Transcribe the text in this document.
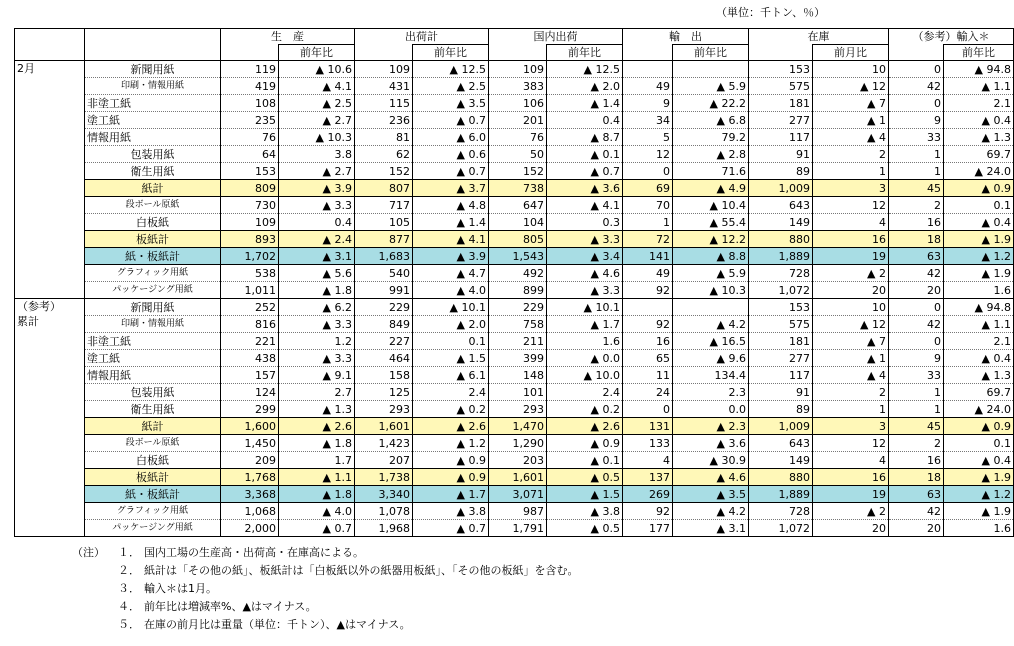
（単位：千トン、％）
		生　産		出荷計		国内出荷		輸　出		在庫		（参考）輸入＊	
			前年比		前年比		前年比		前年比		前月比		前年比

2月	新聞用紙	119	▲ 10.6	109	▲ 12.5	109	▲ 12.5			153	10	0	▲ 94.8
	印刷・情報用紙	419	▲ 4.1	431	▲ 2.5	383	▲ 2.0	49	▲ 5.9	575	▲ 12	42	▲ 1.1
	非塗工紙	108	▲ 2.5	115	▲ 3.5	106	▲ 1.4	9	▲ 22.2	181	▲ 7	0	2.1
	塗工紙	235	▲ 2.7	236	▲ 0.7	201	0.4	34	▲ 6.8	277	▲ 1	9	▲ 0.4
	情報用紙	76	▲ 10.3	81	▲ 6.0	76	▲ 8.7	5	79.2	117	▲ 4	33	▲ 1.3
	包装用紙	64	3.8	62	▲ 0.6	50	▲ 0.1	12	▲ 2.8	91	2	1	69.7
	衛生用紙	153	▲ 2.7	152	▲ 0.7	152	▲ 0.7	0	71.6	89	1	1	▲ 24.0
	紙計	809	▲ 3.9	807	▲ 3.7	738	▲ 3.6	69	▲ 4.9	1,009	3	45	▲ 0.9
	段ボール原紙	730	▲ 3.3	717	▲ 4.8	647	▲ 4.1	70	▲ 10.4	643	12	2	0.1
	白板紙	109	0.4	105	▲ 1.4	104	0.3	1	▲ 55.4	149	4	16	▲ 0.4
	板紙計	893	▲ 2.4	877	▲ 4.1	805	▲ 3.3	72	▲ 12.2	880	16	18	▲ 1.9
	紙・板紙計	1,702	▲ 3.1	1,683	▲ 3.9	1,543	▲ 3.4	141	▲ 8.8	1,889	19	63	▲ 1.2
	グラフィック用紙	538	▲ 5.6	540	▲ 4.7	492	▲ 4.6	49	▲ 5.9	728	▲ 2	42	▲ 1.9
	パッケージング用紙	1,011	▲ 1.8	991	▲ 4.0	899	▲ 3.3	92	▲ 10.3	1,072	20	20	1.6

（参考）
累計	新聞用紙	252	▲ 6.2	229	▲ 10.1	229	▲ 10.1			153	10	0	▲ 94.8
	印刷・情報用紙	816	▲ 3.3	849	▲ 2.0	758	▲ 1.7	92	▲ 4.2	575	▲ 12	42	▲ 1.1
	非塗工紙	221	1.2	227	0.1	211	1.6	16	▲ 16.5	181	▲ 7	0	2.1
	塗工紙	438	▲ 3.3	464	▲ 1.5	399	▲ 0.0	65	▲ 9.6	277	▲ 1	9	▲ 0.4
	情報用紙	157	▲ 9.1	158	▲ 6.1	148	▲ 10.0	11	134.4	117	▲ 4	33	▲ 1.3
	包装用紙	124	2.7	125	2.4	101	2.4	24	2.3	91	2	1	69.7
	衛生用紙	299	▲ 1.3	293	▲ 0.2	293	▲ 0.2	0	0.0	89	1	1	▲ 24.0
	紙計	1,600	▲ 2.6	1,601	▲ 2.6	1,470	▲ 2.6	131	▲ 2.3	1,009	3	45	▲ 0.9
	段ボール原紙	1,450	▲ 1.8	1,423	▲ 1.2	1,290	▲ 0.9	133	▲ 3.6	643	12	2	0.1
	白板紙	209	1.7	207	▲ 0.9	203	▲ 0.1	4	▲ 30.9	149	4	16	▲ 0.4
	板紙計	1,768	▲ 1.1	1,738	▲ 0.9	1,601	▲ 0.5	137	▲ 4.6	880	16	18	▲ 1.9
	紙・板紙計	3,368	▲ 1.8	3,340	▲ 1.7	3,071	▲ 1.5	269	▲ 3.5	1,889	19	63	▲ 1.2
	グラフィック用紙	1,068	▲ 4.0	1,078	▲ 3.8	987	▲ 3.8	92	▲ 4.2	728	▲ 2	42	▲ 1.9
	パッケージング用紙	2,000	▲ 0.7	1,968	▲ 0.7	1,791	▲ 0.5	177	▲ 3.1	1,072	20	20	1.6
（注） １． 国内工場の生産高・出荷高・在庫高による。
２． 紙計は「その他の紙」、板紙計は「白板紙以外の紙器用板紙」、「その他の板紙」を含む。
３． 輸入＊は1月。
４． 前年比は増減率%、▲はマイナス。
５． 在庫の前月比は重量（単位：千トン）、▲はマイナス。
